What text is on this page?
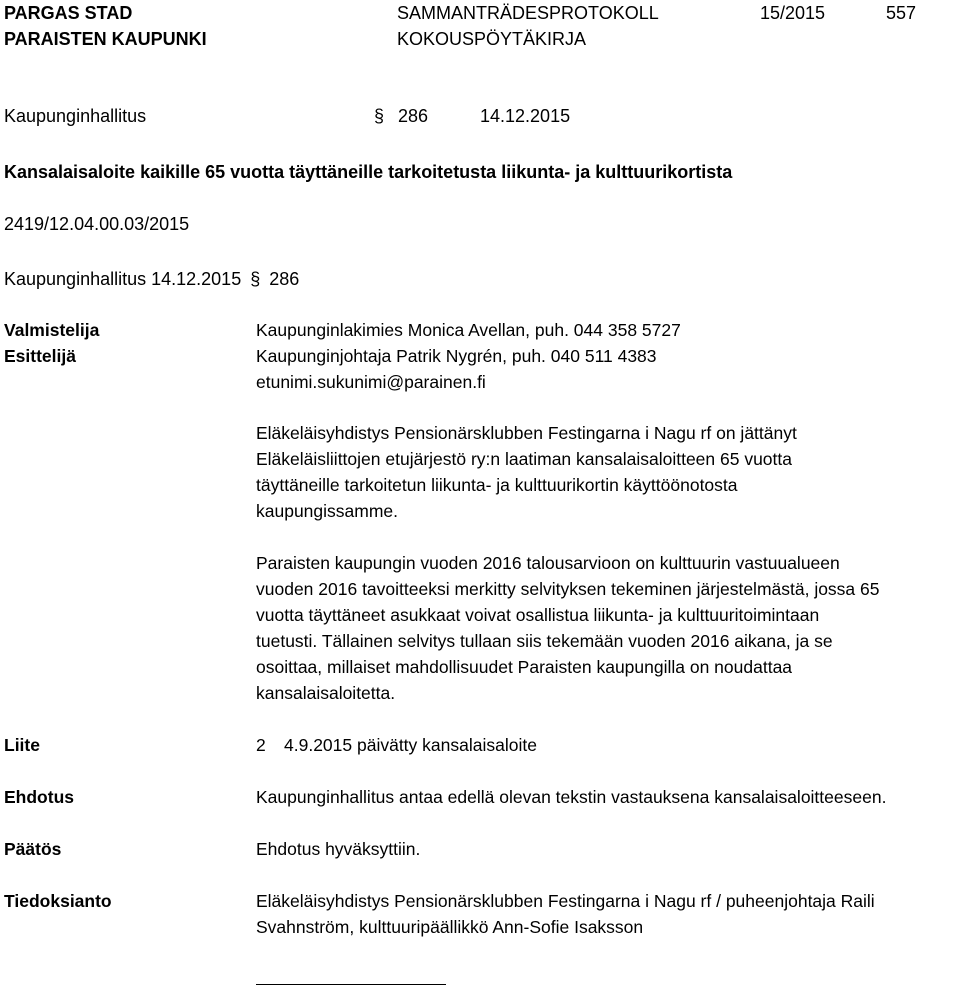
PARGAS STAD
PARAISTEN KAUPUNKI
SAMMANTRÄDESPROTOKOLL
KOKOUSPÖYTÄKIRJA
15/2015	557
Kaupunginhallitus	§ 286	14.12.2015
Kansalaisaloite kaikille 65 vuotta täyttäneille tarkoitetusta liikunta- ja kulttuurikortista
2419/12.04.00.03/2015
Kaupunginhallitus 14.12.2015 § 286
Valmistelija	Kaupunginlakimies Monica Avellan, puh. 044 358 5727
Esittelijä	Kaupunginjohtaja Patrik Nygrén, puh. 040 511 4383
etunimi.sukunimi@parainen.fi
Eläkeläisyhdistys Pensionärsklubben Festingarna i Nagu rf on jättänyt
Eläkeläisliittojen etujärjestö ry:n laatiman kansalaisaloitteen 65 vuotta
täyttäneille tarkoitetun liikunta- ja kulttuurikortin käyttöönotosta
kaupungissamme.
Paraisten kaupungin vuoden 2016 talousarvioon on kulttuurin vastuualueen
vuoden 2016 tavoitteeksi merkitty selvityksen tekeminen järjestelmästä, jossa 65
vuotta täyttäneet asukkaat voivat osallistua liikunta- ja kulttuuritoimintaan
tuetusti. Tällainen selvitys tullaan siis tekemään vuoden 2016 aikana, ja se
osoittaa, millaiset mahdollisuudet Paraisten kaupungilla on noudattaa
kansalaisaloitetta.
Liite	2 4.9.2015 päivätty kansalaisaloite
Ehdotus	Kaupunginhallitus antaa edellä olevan tekstin vastauksena kansalaisaloitteeseen.
Päätös	Ehdotus hyväksyttiin.
Tiedoksianto	Eläkeläisyhdistys Pensionärsklubben Festingarna i Nagu rf / puheenjohtaja Raili
Svahnström, kulttuuripäällikkö Ann-Sofie Isaksson
